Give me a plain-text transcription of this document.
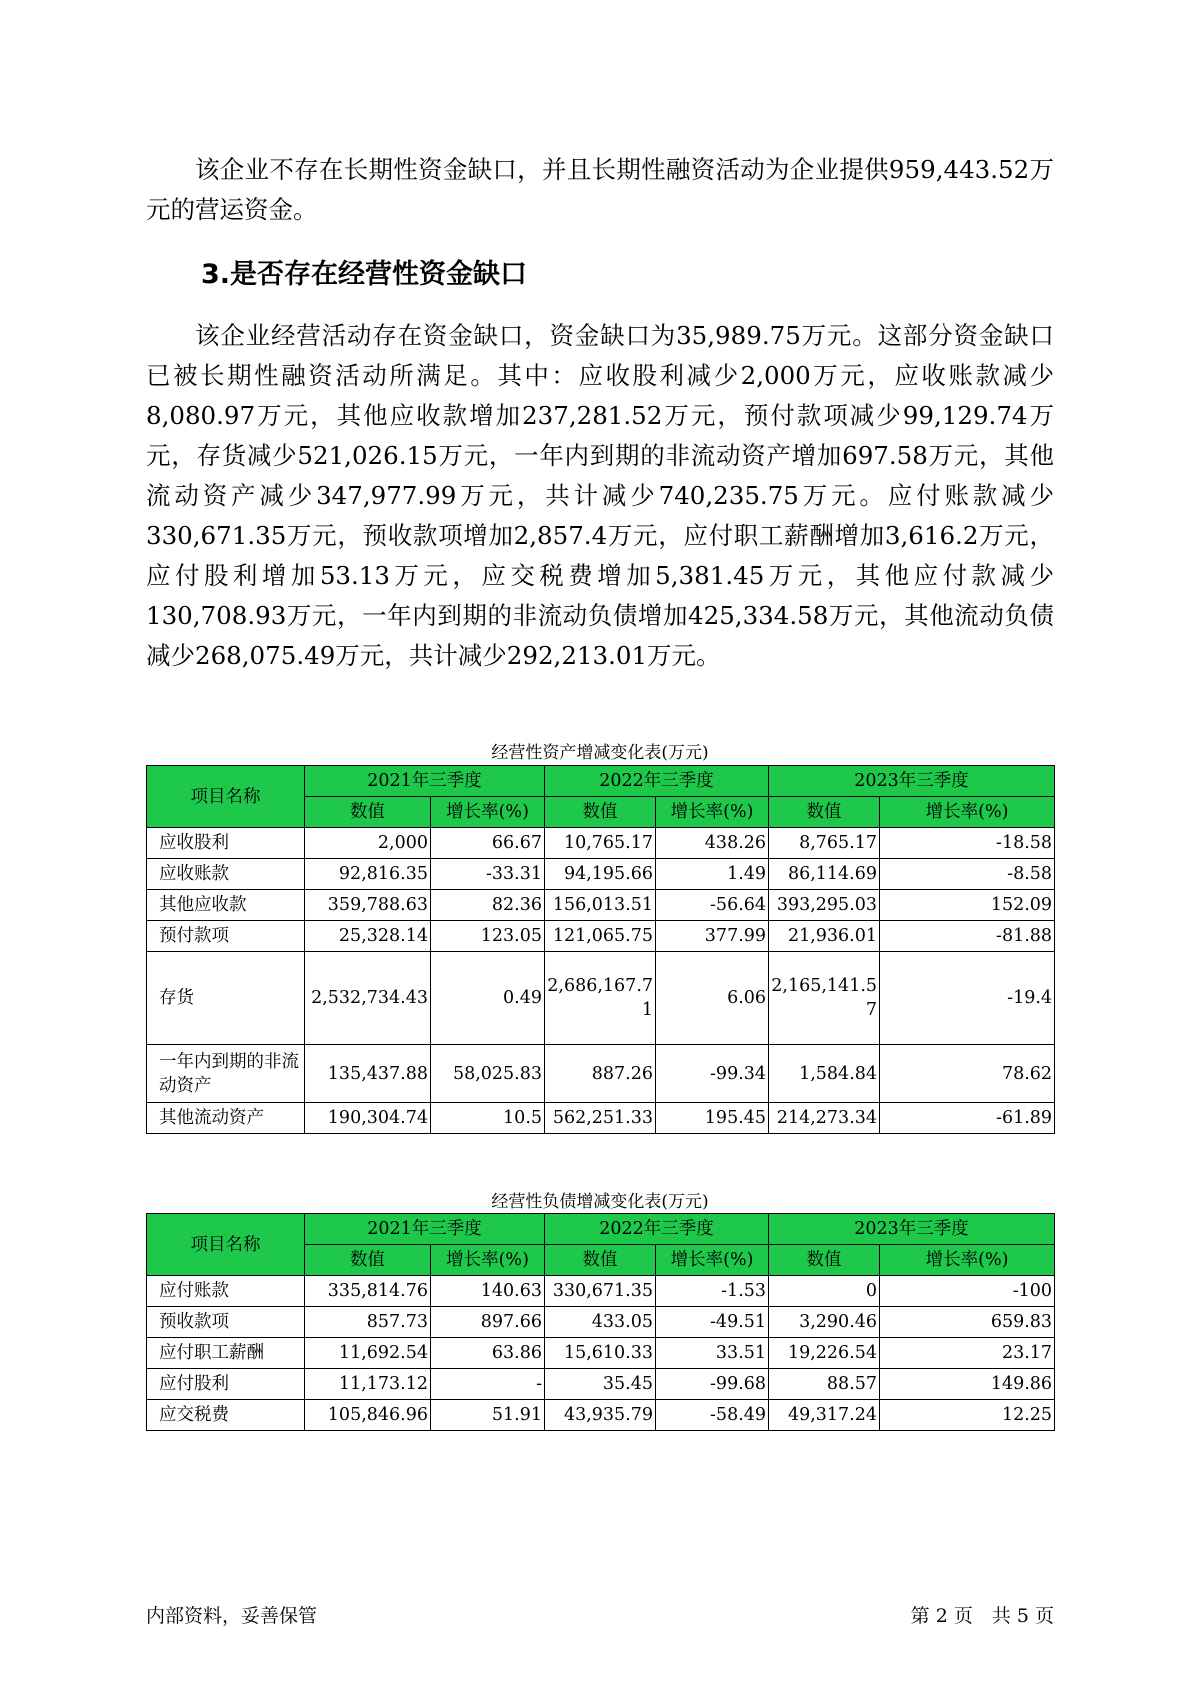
该企业不存在长期性资金缺口，并且长期性融资活动为企业提供959,443.52万元的营运资金。

3.是否存在经营性资金缺口

该企业经营活动存在资金缺口，资金缺口为35,989.75万元。这部分资金缺口已被长期性融资活动所满足。其中：应收股利减少2,000万元，应收账款减少8,080.97万元，其他应收款增加237,281.52万元，预付款项减少99,129.74万元，存货减少521,026.15万元，一年内到期的非流动资产增加697.58万元，其他流动资产减少347,977.99万元，共计减少740,235.75万元。应付账款减少330,671.35万元，预收款项增加2,857.4万元，应付职工薪酬增加3,616.2万元，应付股利增加53.13万元，应交税费增加5,381.45万元，其他应付款减少130,708.93万元，一年内到期的非流动负债增加425,334.58万元，其他流动负债减少268,075.49万元，共计减少292,213.01万元。

经营性资产增减变化表(万元)

项目名称	2021年三季度		2022年三季度		2023年三季度	
	数值	增长率(%)	数值	增长率(%)	数值	增长率(%)
应收股利	2,000	66.67	10,765.17	438.26	8,765.17	-18.58
应收账款	92,816.35	-33.31	94,195.66	1.49	86,114.69	-8.58
其他应收款	359,788.63	82.36	156,013.51	-56.64	393,295.03	152.09
预付款项	25,328.14	123.05	121,065.75	377.99	21,936.01	-81.88
存货	2,532,734.43	0.49	2,686,167.71	6.06	2,165,141.57	-19.4
一年内到期的非流动资产	135,437.88	58,025.83	887.26	-99.34	1,584.84	78.62
其他流动资产	190,304.74	10.5	562,251.33	195.45	214,273.34	-61.89

经营性负债增减变化表(万元)

项目名称	2021年三季度		2022年三季度		2023年三季度	
	数值	增长率(%)	数值	增长率(%)	数值	增长率(%)
应付账款	335,814.76	140.63	330,671.35	-1.53	0	-100
预收款项	857.73	897.66	433.05	-49.51	3,290.46	659.83
应付职工薪酬	11,692.54	63.86	15,610.33	33.51	19,226.54	23.17
应付股利	11,173.12	-	35.45	-99.68	88.57	149.86
应交税费	105,846.96	51.91	43,935.79	-58.49	49,317.24	12.25

内部资料，妥善保管	第 2 页　共 5 页
